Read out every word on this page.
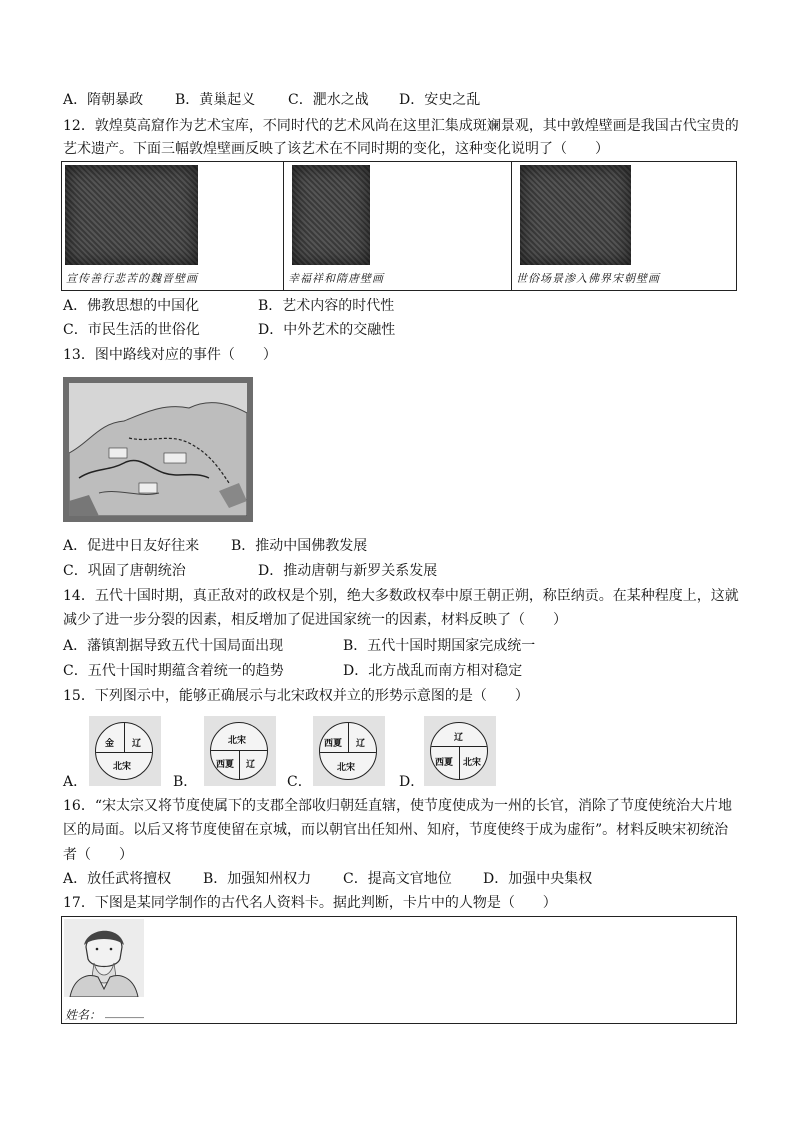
A．隋朝暴政 B．黄巢起义 C．淝水之战 D．安史之乱
12．敦煌莫高窟作为艺术宝库，不同时代的艺术风尚在这里汇集成斑斓景观，其中敦煌壁画是我国古代宝贵的
艺术遗产。下面三幅敦煌壁画反映了该艺术在不同时期的变化，这种变化说明了（　　）
宣传善行悲苦的魏晋壁画	幸福祥和隋唐壁画	世俗场景渗入佛界宋朝壁画
A．佛教思想的中国化	B．艺术内容的时代性
C．市民生活的世俗化	D．中外艺术的交融性
13．图中路线对应的事件（　　）
A．促进中日友好往来 B．推动中国佛教发展
C．巩固了唐朝统治	D．推动唐朝与新罗关系发展
14．五代十国时期，真正敌对的政权是个别，绝大多数政权奉中原王朝正朔，称臣纳贡。在某种程度上，这就
减少了进一步分裂的因素，相反增加了促进国家统一的因素，材料反映了（　　）
A．藩镇割据导致五代十国局面出现	B．五代十国时期国家完成统一
C．五代十国时期蕴含着统一的趋势	D．北方战乱而南方相对稳定
15．下列图示中，能够正确展示与北宋政权并立的形势示意图的是（　　）
A．
金 辽
北宋
B．
北宋
西夏 辽
C．
西夏 辽
北宋
D．
辽
西夏 北宋
16．“宋太宗又将节度使属下的支郡全部收归朝廷直辖，使节度使成为一州的长官，消除了节度使统治大片地
区的局面。以后又将节度使留在京城，而以朝官出任知州、知府，节度使终于成为虚衔”。材料反映宋初统治
者（　　）
A．放任武将擅权 B．加强知州权力 C．提高文官地位 D．加强中央集权
17．下图是某同学制作的古代名人资料卡。据此判断，卡片中的人物是（　　）
姓名： ______
